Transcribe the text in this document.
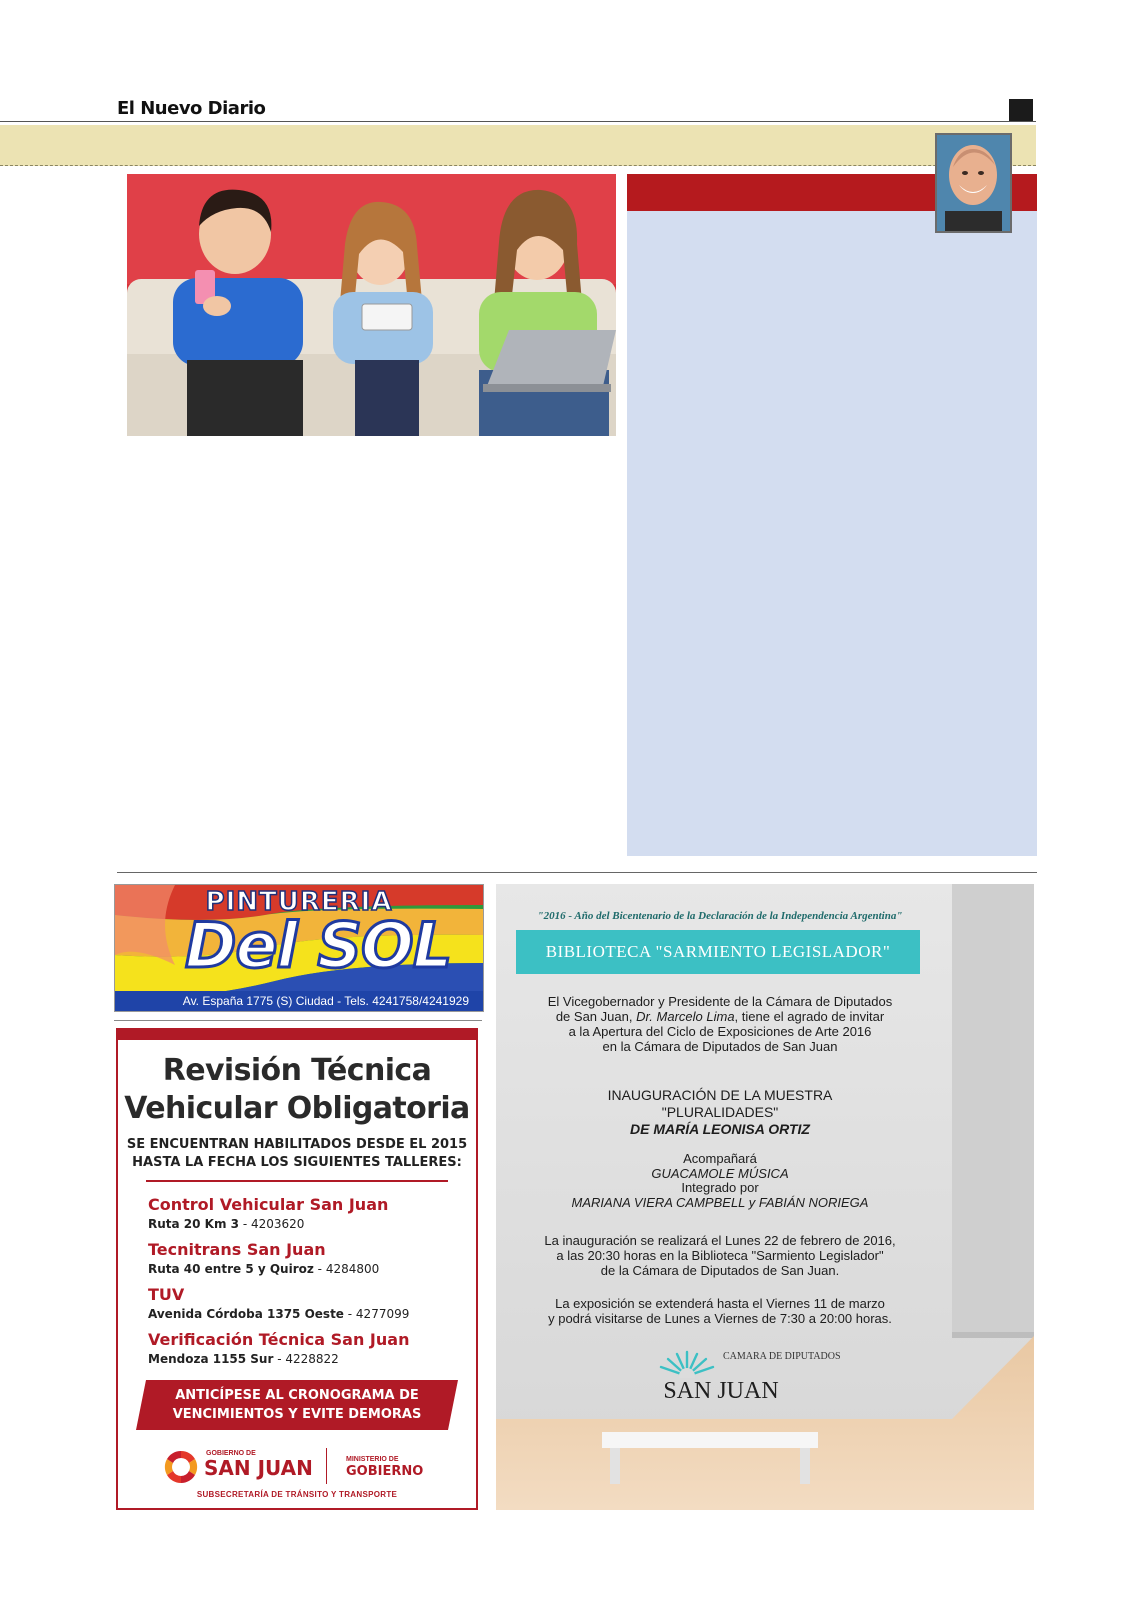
El Nuevo Diario
PINTURERIA
Del SOL
Av. España 1775 (S) Ciudad - Tels. 4241758/4241929
Revisión Técnica
Vehicular Obligatoria
SE ENCUENTRAN HABILITADOS DESDE EL 2015
HASTA LA FECHA LOS SIGUIENTES TALLERES:
Control Vehicular San Juan
Ruta 20 Km 3 - 4203620
Tecnitrans San Juan
Ruta 40 entre 5 y Quiroz - 4284800
TUV
Avenida Córdoba 1375 Oeste - 4277099
Verificación Técnica San Juan
Mendoza 1155 Sur - 4228822
ANTICÍPESE AL CRONOGRAMA DE
VENCIMIENTOS Y EVITE DEMORAS
GOBIERNO DE
SAN JUAN	MINISTERIO DE
GOBIERNO
SUBSECRETARÍA DE TRÁNSITO Y TRANSPORTE
"2016 - Año del Bicentenario de la Declaración de la Independencia Argentina"
BIBLIOTECA "SARMIENTO LEGISLADOR"
El Vicegobernador y Presidente de la Cámara de Diputados
de San Juan, Dr. Marcelo Lima, tiene el agrado de invitar
a la Apertura del Ciclo de Exposiciones de Arte 2016
en la Cámara de Diputados de San Juan
INAUGURACIÓN DE LA MUESTRA
"PLURALIDADES"
DE MARÍA LEONISA ORTIZ
Acompañará
GUACAMOLE MÚSICA
Integrado por
MARIANA VIERA CAMPBELL y FABIÁN NORIEGA
La inauguración se realizará el Lunes 22 de febrero de 2016,
a las 20:30 horas en la Biblioteca "Sarmiento Legislador"
de la Cámara de Diputados de San Juan.
La exposición se extenderá hasta el Viernes 11 de marzo
y podrá visitarse de Lunes a Viernes de 7:30 a 20:00 horas.
CAMARA DE DIPUTADOS
SAN JUAN
